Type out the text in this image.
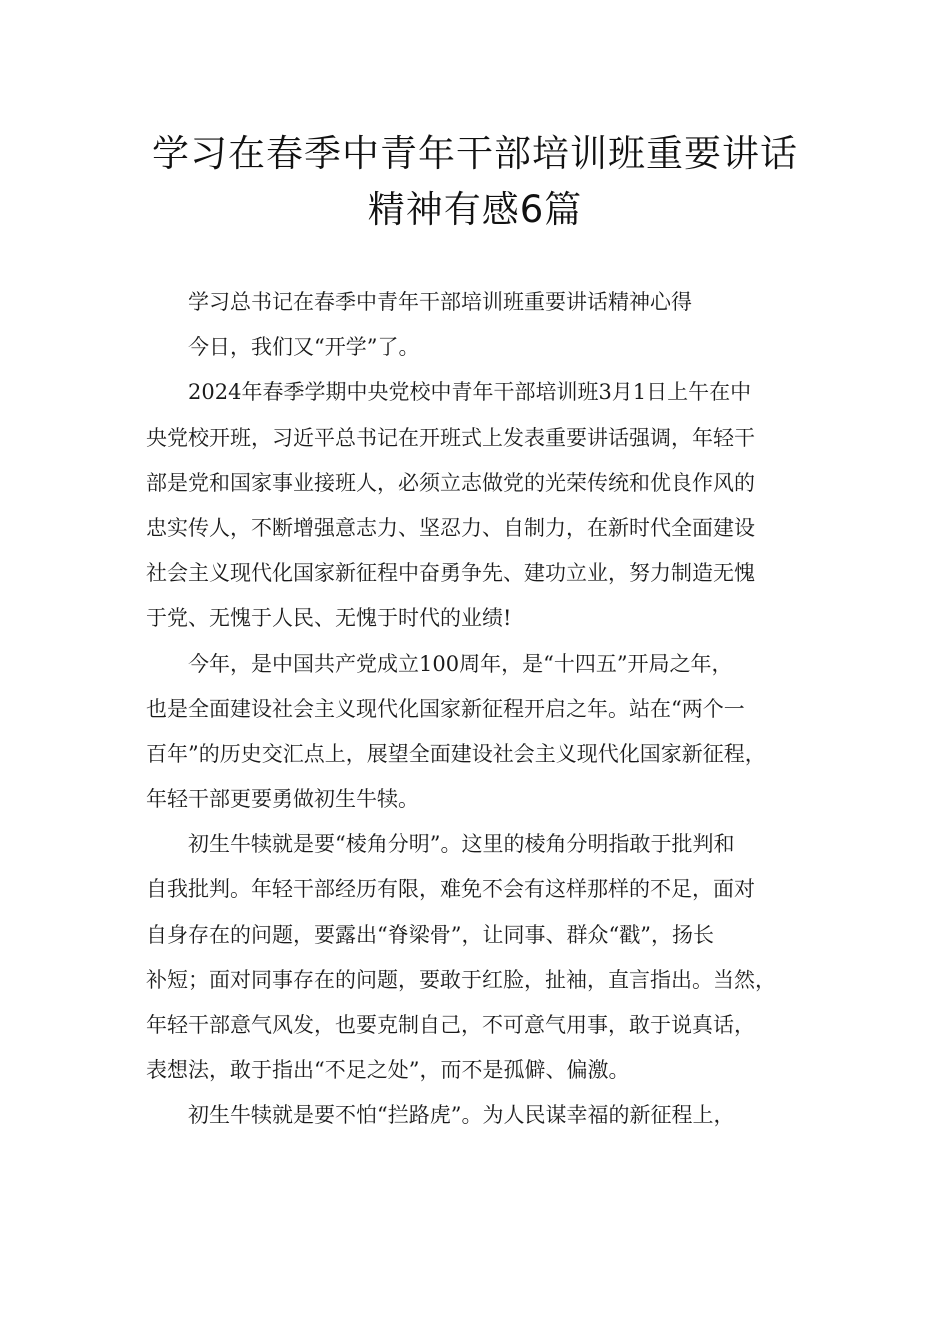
学习在春季中青年干部培训班重要讲话
精神有感6篇

学习总书记在春季中青年干部培训班重要讲话精神心得

今日，我们又“开学”了。

2024年春季学期中央党校中青年干部培训班3月1日上午在中
央党校开班，习近平总书记在开班式上发表重要讲话强调，年轻干
部是党和国家事业接班人，必须立志做党的光荣传统和优良作风的
忠实传人，不断增强意志力、坚忍力、自制力，在新时代全面建设
社会主义现代化国家新征程中奋勇争先、建功立业，努力制造无愧
于党、无愧于人民、无愧于时代的业绩!

今年，是中国共产党成立100周年，是“十四五”开局之年，
也是全面建设社会主义现代化国家新征程开启之年。站在“两个一
百年”的历史交汇点上，展望全面建设社会主义现代化国家新征程，
年轻干部更要勇做初生牛犊。

初生牛犊就是要“棱角分明”。这里的棱角分明指敢于批判和
自我批判。年轻干部经历有限，难免不会有这样那样的不足，面对
自身存在的问题，要露出“脊梁骨”，让同事、群众“戳”，扬长
补短；面对同事存在的问题，要敢于红脸，扯袖，直言指出。当然，
年轻干部意气风发，也要克制自己，不可意气用事，敢于说真话，
表想法，敢于指出“不足之处”，而不是孤僻、偏激。

初生牛犊就是要不怕“拦路虎”。为人民谋幸福的新征程上，
